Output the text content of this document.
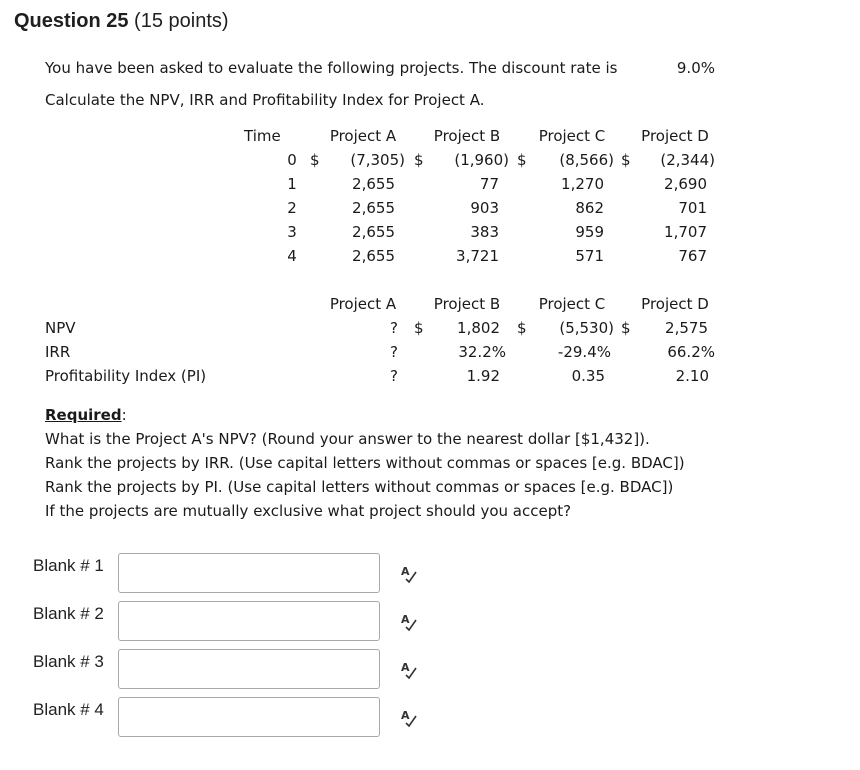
Question 25 (15 points)
You have been asked to evaluate the following projects. The discount rate is	9.0%
Calculate the NPV, IRR and Profitability Index for Project A.
Time	Project A	Project B	Project C	Project D
0 $	(7,305) $	(1,960) $	(8,566) $	(2,344)
1	2,655	77	1,270	2,690
2	2,655	903	862	701
3	2,655	383	959	1,707
4	2,655	3,721	571	767
Project A	Project B	Project C	Project D
NPV	? $	1,802 $	(5,530) $	2,575
IRR	?	32.2%	-29.4%	66.2%
Profitability Index (PI)	?	1.92	0.35	2.10
Required:
What is the Project A's NPV? (Round your answer to the nearest dollar [$1,432]).
Rank the projects by IRR. (Use capital letters without commas or spaces [e.g. BDAC])
Rank the projects by PI. (Use capital letters without commas or spaces [e.g. BDAC])
If the projects are mutually exclusive what project should you accept?
Blank # 1	A
Blank # 2	A
Blank # 3	A
Blank # 4	A
